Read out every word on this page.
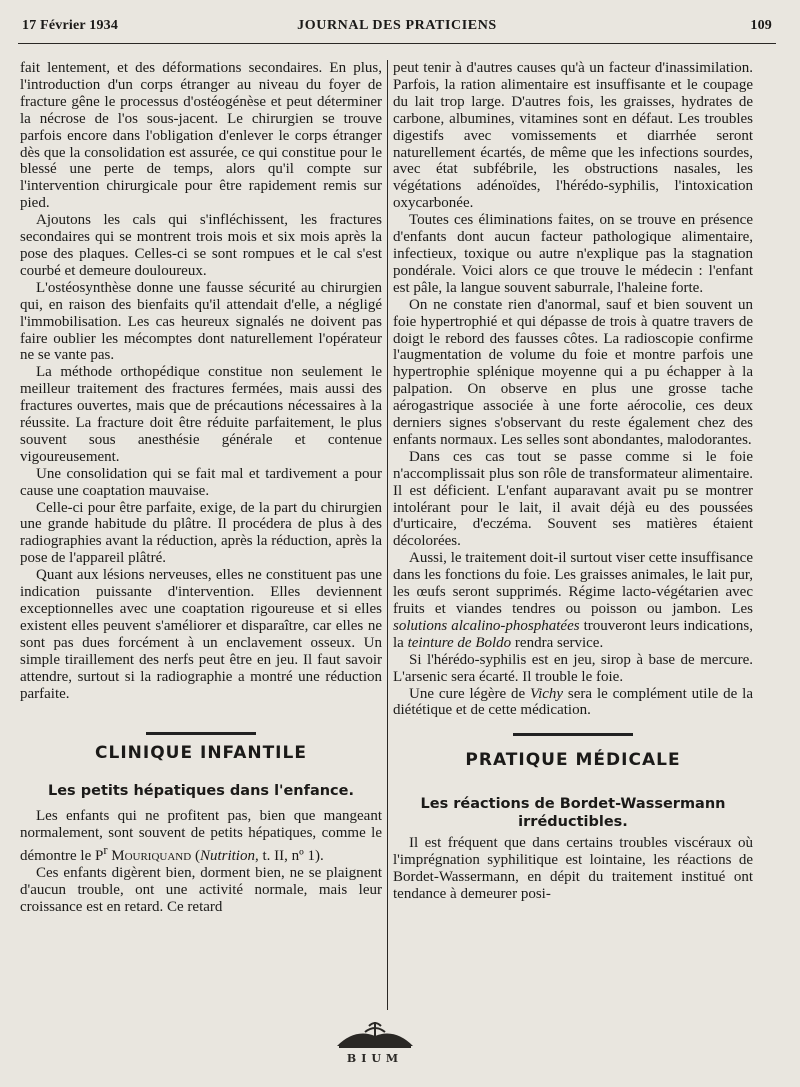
17 Février 1934	JOURNAL DES PRATICIENS	109

fait lentement, et des déformations secondaires. En plus, l'introduction d'un corps étranger au niveau du foyer de fracture gêne le processus d'ostéogénèse et peut déterminer la nécrose de l'os sous-jacent. Le chirurgien se trouve parfois encore dans l'obligation d'enlever le corps étranger dès que la consolidation est assurée, ce qui constitue pour le blessé une perte de temps, alors qu'il compte sur l'intervention chirurgicale pour être rapidement remis sur pied.

Ajoutons les cals qui s'infléchissent, les fractures secondaires qui se montrent trois mois et six mois après la pose des plaques. Celles-ci se sont rompues et le cal s'est courbé et demeure douloureux.

L'ostéosynthèse donne une fausse sécurité au chirurgien qui, en raison des bienfaits qu'il attendait d'elle, a négligé l'immobilisation. Les cas heureux signalés ne doivent pas faire oublier les mécomptes dont naturellement l'opérateur ne se vante pas.

La méthode orthopédique constitue non seulement le meilleur traitement des fractures fermées, mais aussi des fractures ouvertes, mais que de précautions nécessaires à la réussite. La fracture doit être réduite parfaitement, le plus souvent sous anesthésie générale et contenue vigoureusement.

Une consolidation qui se fait mal et tardivement a pour cause une coaptation mauvaise.

Celle-ci pour être parfaite, exige, de la part du chirurgien une grande habitude du plâtre. Il procédera de plus à des radiographies avant la réduction, après la réduction, après la pose de l'appareil plâtré.

Quant aux lésions nerveuses, elles ne constituent pas une indication puissante d'intervention. Elles deviennent exceptionnelles avec une coaptation rigoureuse et si elles existent elles peuvent s'améliorer et disparaître, car elles ne sont pas dues forcément à un enclavement osseux. Un simple tiraillement des nerfs peut être en jeu. Il faut savoir attendre, surtout si la radiographie a montré une réduction parfaite.

CLINIQUE INFANTILE
Les petits hépatiques dans l'enfance.

Les enfants qui ne profitent pas, bien que mangeant normalement, sont souvent de petits hépatiques, comme le démontre le $P^r$ Mouriquand (Nutrition, t. II, nº 1).

Ces enfants digèrent bien, dorment bien, ne se plaignent d'aucun trouble, ont une activité normale, mais leur croissance est en retard. Ce retard

peut tenir à d'autres causes qu'à un facteur d'inassimilation. Parfois, la ration alimentaire est insuffisante et le coupage du lait trop large. D'autres fois, les graisses, hydrates de carbone, albumines, vitamines sont en défaut. Les troubles digestifs avec vomissements et diarrhée seront naturellement écartés, de même que les infections sourdes, avec état subfébrile, les obstructions nasales, les végétations adénoïdes, l'hérédo-syphilis, l'intoxication oxycarbonée.

Toutes ces éliminations faites, on se trouve en présence d'enfants dont aucun facteur pathologique alimentaire, infectieux, toxique ou autre n'explique pas la stagnation pondérale. Voici alors ce que trouve le médecin : l'enfant est pâle, la langue souvent saburrale, l'haleine forte.

On ne constate rien d'anormal, sauf et bien souvent un foie hypertrophié et qui dépasse de trois à quatre travers de doigt le rebord des fausses côtes. La radioscopie confirme l'augmentation de volume du foie et montre parfois une hypertrophie splénique moyenne qui a pu échapper à la palpation. On observe en plus une grosse tache aérogastrique associée à une forte aérocolie, ces deux derniers signes s'observant du reste également chez des enfants normaux. Les selles sont abondantes, malodorantes.

Dans ces cas tout se passe comme si le foie n'accomplissait plus son rôle de transformateur alimentaire. Il est déficient. L'enfant auparavant avait pu se montrer intolérant pour le lait, il avait déjà eu des poussées d'urticaire, d'eczéma. Souvent ses matières étaient décolorées.

Aussi, le traitement doit-il surtout viser cette insuffisance dans les fonctions du foie. Les graisses animales, le lait pur, les œufs seront supprimés. Régime lacto-végétarien avec fruits et viandes tendres ou poisson ou jambon. Les solutions alcalino-phosphatées trouveront leurs indications, la teinture de Boldo rendra service.

Si l'hérédo-syphilis est en jeu, sirop à base de mercure. L'arsenic sera écarté. Il trouble le foie.

Une cure légère de Vichy sera le complément utile de la diététique et de cette médication.

PRATIQUE MÉDICALE
Les réactions de Bordet-Wassermann
irréductibles.

Il est fréquent que dans certains troubles viscéraux où l'imprégnation syphilitique est lointaine, les réactions de Bordet-Wassermann, en dépit du traitement institué ont tendance à demeurer posi-

BIUM
